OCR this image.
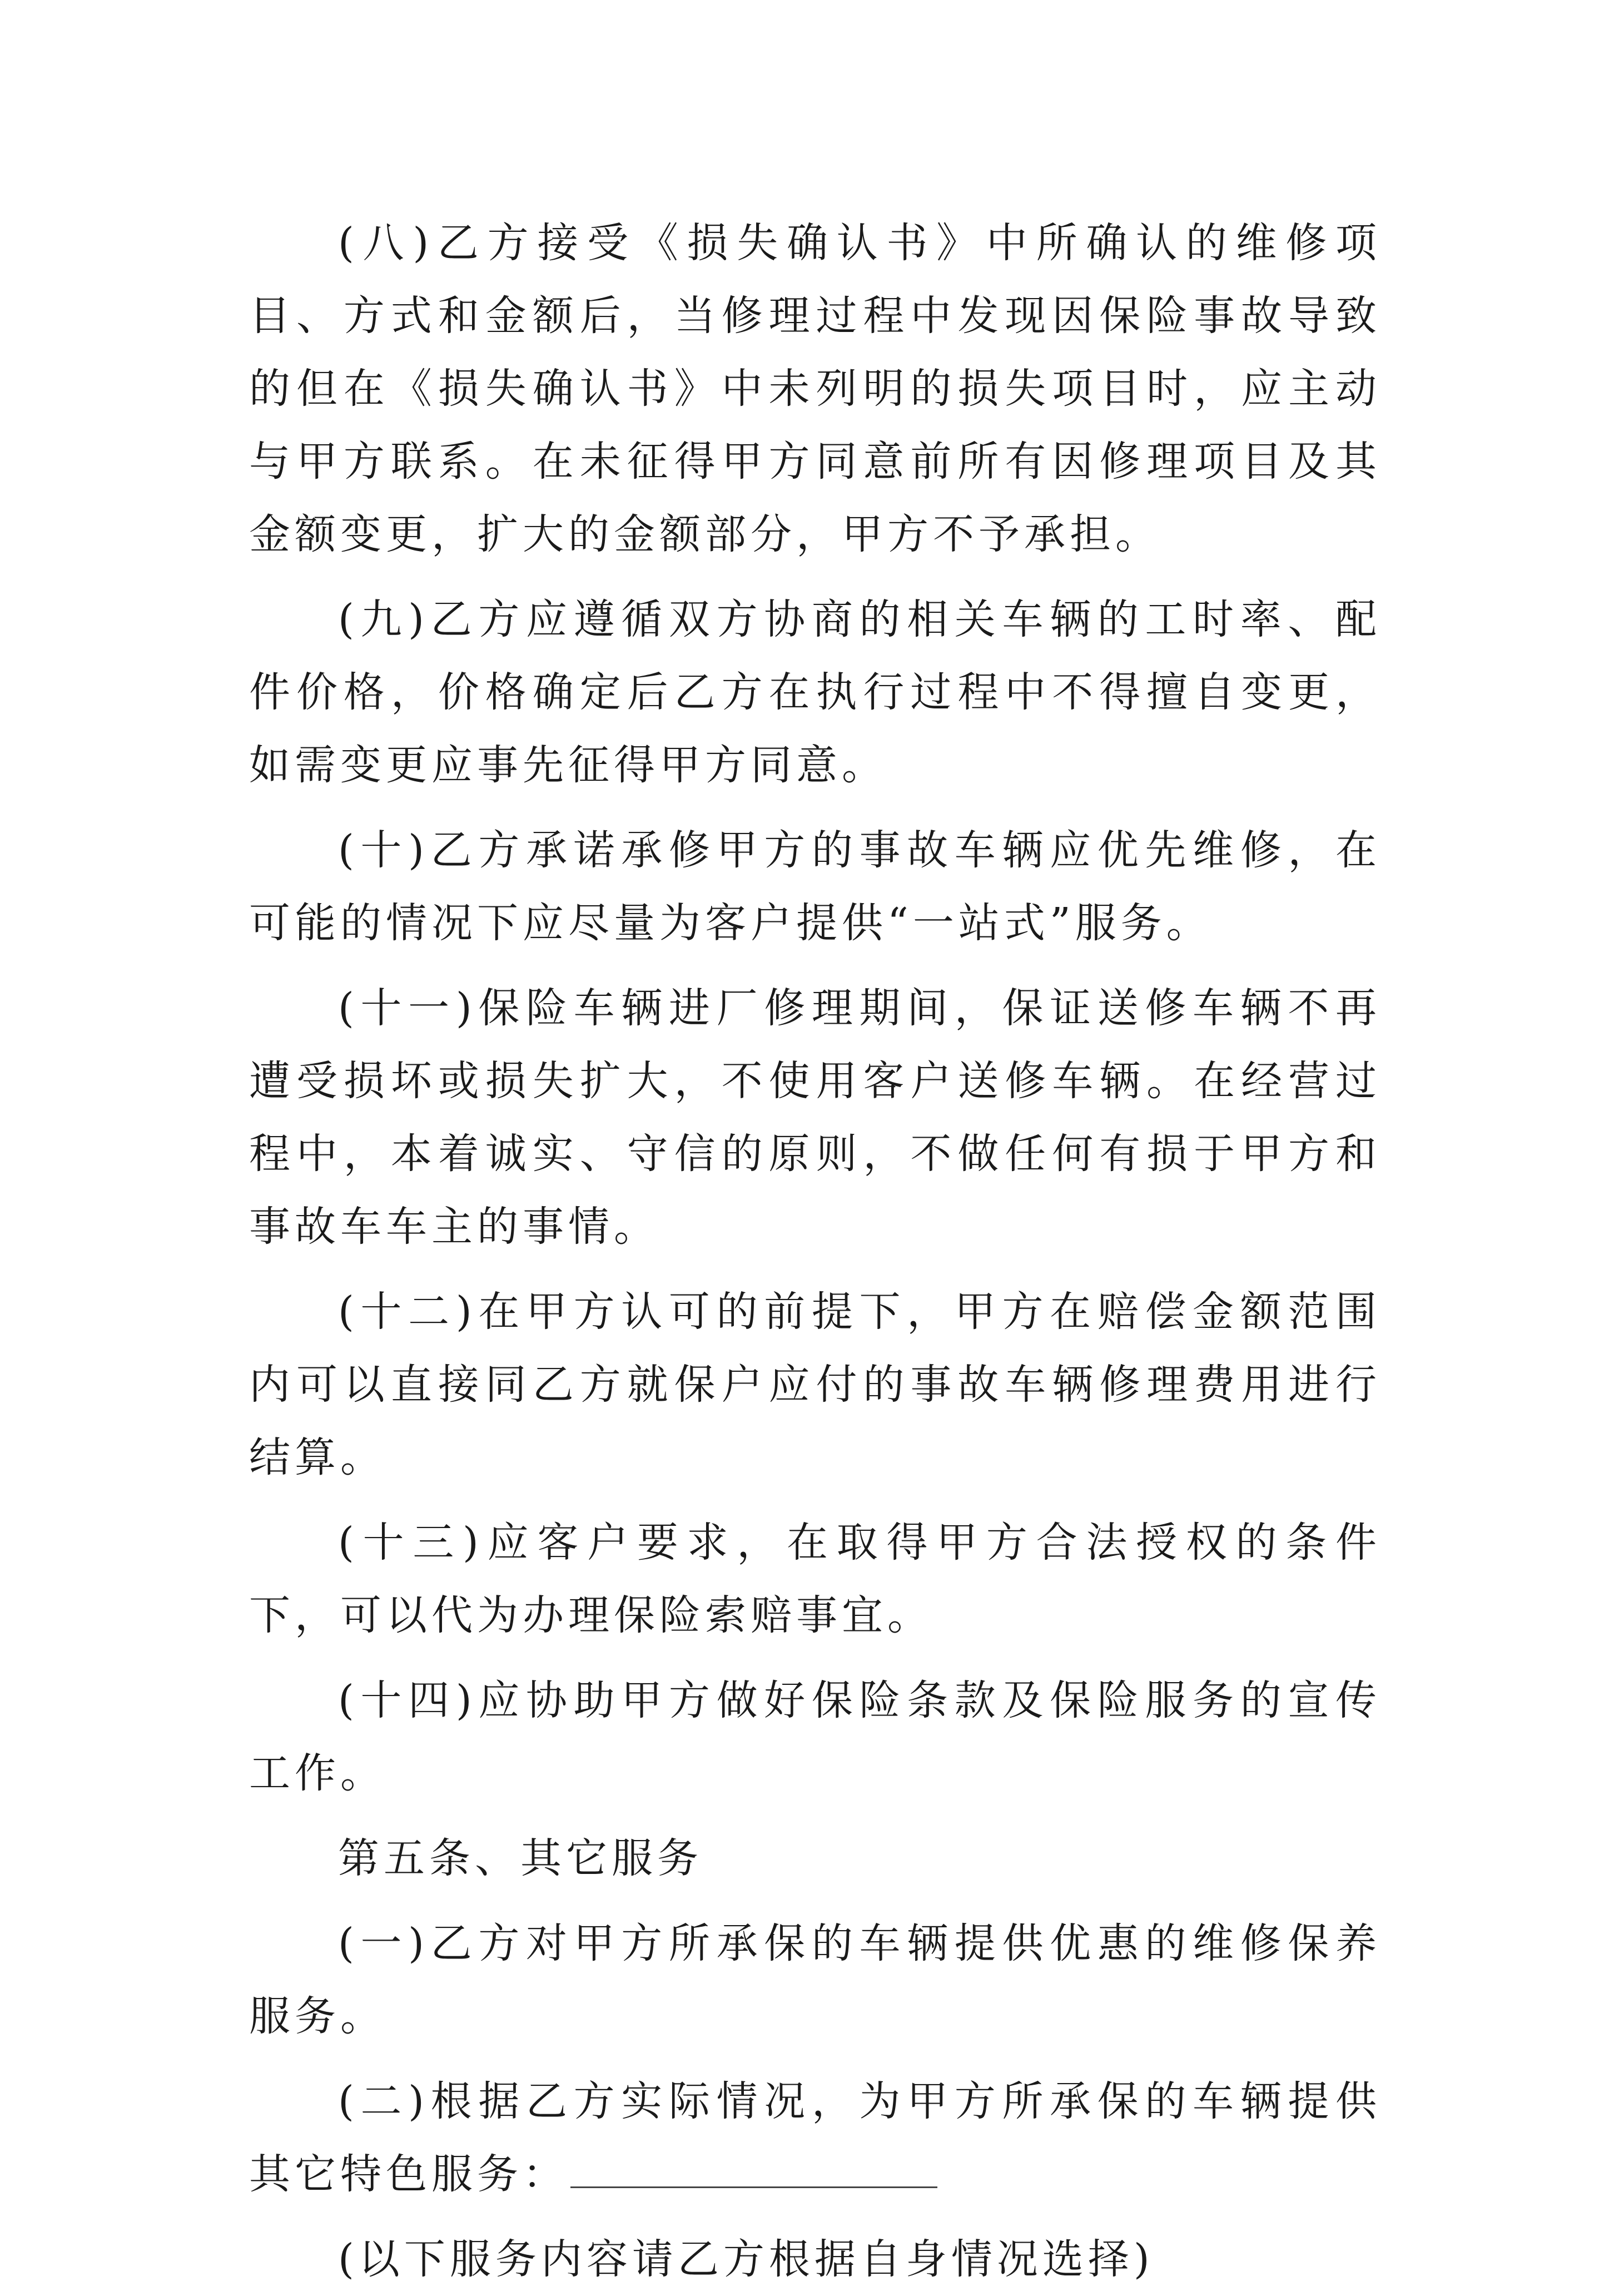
(八)乙方接受《损失确认书》中所确认的维修项目、方式和金额后，当修理过程中发现因保险事故导致的但在《损失确认书》中未列明的损失项目时，应主动与甲方联系。在未征得甲方同意前所有因修理项目及其金额变更，扩大的金额部分，甲方不予承担。

(九)乙方应遵循双方协商的相关车辆的工时率、配件价格，价格确定后乙方在执行过程中不得擅自变更，如需变更应事先征得甲方同意。

(十)乙方承诺承修甲方的事故车辆应优先维修，在可能的情况下应尽量为客户提供“一站式”服务。

(十一)保险车辆进厂修理期间，保证送修车辆不再遭受损坏或损失扩大，不使用客户送修车辆。在经营过程中，本着诚实、守信的原则，不做任何有损于甲方和事故车车主的事情。

(十二)在甲方认可的前提下，甲方在赔偿金额范围内可以直接同乙方就保户应付的事故车辆修理费用进行结算。

(十三)应客户要求，在取得甲方合法授权的条件下，可以代为办理保险索赔事宜。

(十四)应协助甲方做好保险条款及保险服务的宣传工作。

第五条、其它服务

(一)乙方对甲方所承保的车辆提供优惠的维修保养服务。

(二)根据乙方实际情况，为甲方所承保的车辆提供其它特色服务：

(以下服务内容请乙方根据自身情况选择)
